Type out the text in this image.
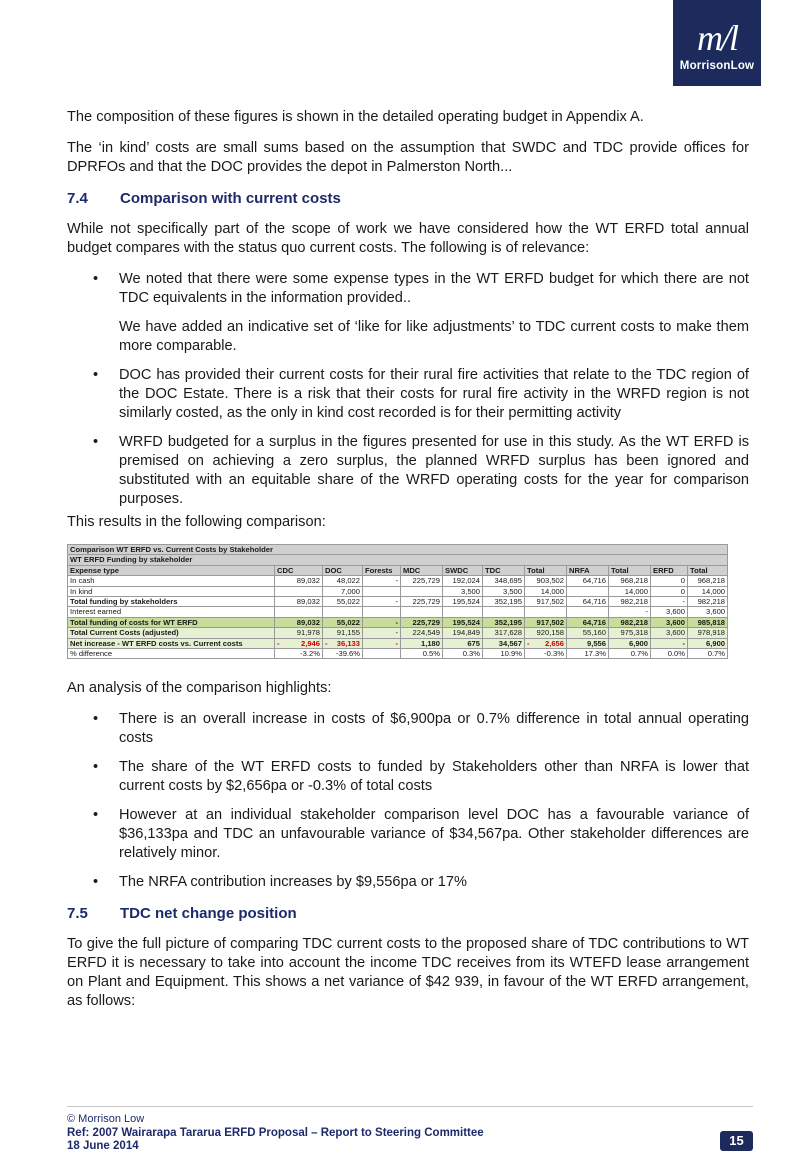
m/l
MorrisonLow

The composition of these figures is shown in the detailed operating budget in Appendix A.

The ‘in kind’ costs are small sums based on the assumption that SWDC and TDC provide offices for DPRFOs and that the DOC provides the depot in Palmerston North...

7.4	Comparison with current costs

While not specifically part of the scope of work we have considered how the WT ERFD total annual budget compares with the status quo current costs. The following is of relevance:

• We noted that there were some expense types in the WT ERFD budget for which there are not TDC equivalents in the information provided..

We have added an indicative set of ‘like for like adjustments’ to TDC current costs to make them more comparable.

• DOC has provided their current costs for their rural fire activities that relate to the TDC region of the DOC Estate. There is a risk that their costs for rural fire activity in the WRFD region is not similarly costed, as the only in kind cost recorded is for their permitting activity

• WRFD budgeted for a surplus in the figures presented for use in this study. As the WT ERFD is premised on achieving a zero surplus, the planned WRFD surplus has been ignored and substituted with an equitable share of the WRFD operating costs for the year for comparison purposes.

This results in the following comparison:

Comparison WT ERFD vs. Current Costs by Stakeholder											
WT ERFD Funding by stakeholder											
Expense type	CDC	DOC	Forests	MDC	SWDC	TDC	Total	NRFA	Total	ERFD	Total
In cash	89,032	48,022	-	225,729	192,024	348,695	903,502	64,716	968,218	0	968,218
In kind		7,000			3,500	3,500	14,000		14,000	0	14,000
Total funding by stakeholders	89,032	55,022	-	225,729	195,524	352,195	917,502	64,716	982,218	-	982,218
Interest earned									-	3,600	3,600
Total funding of costs for WT ERFD	89,032	55,022	-	225,729	195,524	352,195	917,502	64,716	982,218	3,600	985,818
Total Current Costs (adjusted)	91,978	91,155	-	224,549	194,849	317,628	920,158	55,160	975,318	3,600	978,918
Net increase - WT ERFD costs vs. Current costs	- 2,946	- 36,133	-	1,180	675	34,567	- 2,656	9,556	6,900	-	6,900
% difference	-3.2%	-39.6%		0.5%	0.3%	10.9%	-0.3%	17.3%	0.7%	0.0%	0.7%

An analysis of the comparison highlights:

• There is an overall increase in costs of $6,900pa or 0.7% difference in total annual operating costs

• The share of the WT ERFD costs to funded by Stakeholders other than NRFA is lower that current costs by $2,656pa or -0.3% of total costs

• However at an individual stakeholder comparison level DOC has a favourable variance of $36,133pa and TDC an unfavourable variance of $34,567pa. Other stakeholder differences are relatively minor.

• The NRFA contribution increases by $9,556pa or 17%

7.5	TDC net change position

To give the full picture of comparing TDC current costs to the proposed share of TDC contributions to WT ERFD it is necessary to take into account the income TDC receives from its WTEFD lease arrangement on Plant and Equipment. This shows a net variance of $42 939, in favour of the WT ERFD arrangement, as follows:

© Morrison Low
Ref: 2007 Wairarapa Tararua ERFD Proposal – Report to Steering Committee
18 June 2014	15
